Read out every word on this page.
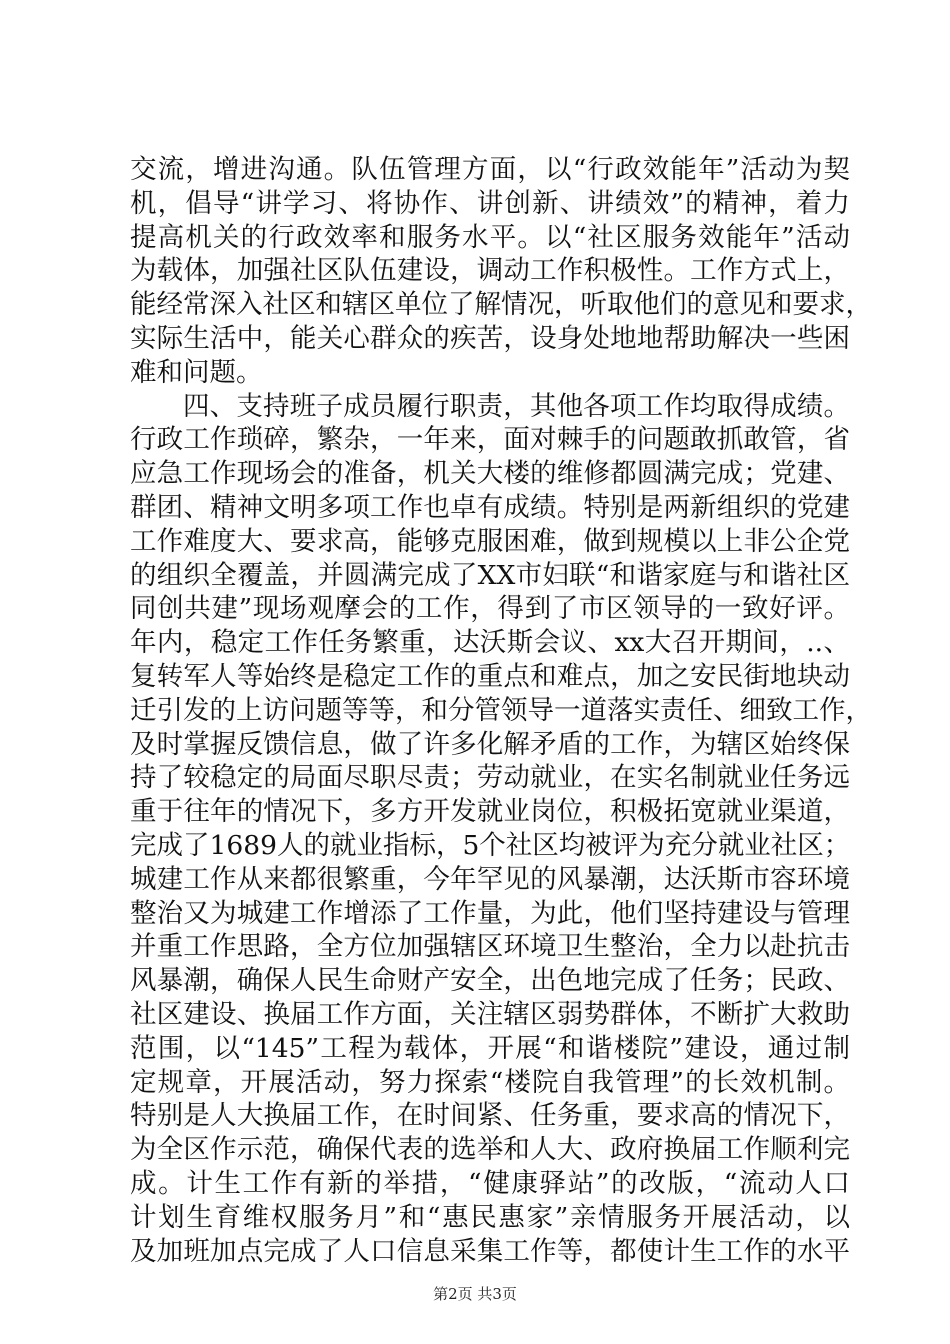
交流，增进沟通。队伍管理方面，以“行政效能年”活动为契
机，倡导“讲学习、将协作、讲创新、讲绩效”的精神，着力
提高机关的行政效率和服务水平。以“社区服务效能年”活动
为载体，加强社区队伍建设，调动工作积极性。工作方式上，
能经常深入社区和辖区单位了解情况，听取他们的意见和要求，
实际生活中，能关心群众的疾苦，设身处地地帮助解决一些困
难和问题。
四、支持班子成员履行职责，其他各项工作均取得成绩。
行政工作琐碎，繁杂，一年来，面对棘手的问题敢抓敢管，省
应急工作现场会的准备，机关大楼的维修都圆满完成；党建、
群团、精神文明多项工作也卓有成绩。特别是两新组织的党建
工作难度大、要求高，能够克服困难，做到规模以上非公企党
的组织全覆盖，并圆满完成了XX市妇联“和谐家庭与和谐社区
同创共建”现场观摩会的工作，得到了市区领导的一致好评。
年内，稳定工作任务繁重，达沃斯会议、xx大召开期间，..、
复转军人等始终是稳定工作的重点和难点，加之安民街地块动
迁引发的上访问题等等，和分管领导一道落实责任、细致工作，
及时掌握反馈信息，做了许多化解矛盾的工作，为辖区始终保
持了较稳定的局面尽职尽责；劳动就业，在实名制就业任务远
重于往年的情况下，多方开发就业岗位，积极拓宽就业渠道，
完成了1689人的就业指标，5个社区均被评为充分就业社区；
城建工作从来都很繁重，今年罕见的风暴潮，达沃斯市容环境
整治又为城建工作增添了工作量，为此，他们坚持建设与管理
并重工作思路，全方位加强辖区环境卫生整治，全力以赴抗击
风暴潮，确保人民生命财产安全，出色地完成了任务；民政、
社区建设、换届工作方面，关注辖区弱势群体，不断扩大救助
范围，以“145”工程为载体，开展“和谐楼院”建设，通过制
定规章，开展活动，努力探索“楼院自我管理”的长效机制。
特别是人大换届工作，在时间紧、任务重，要求高的情况下，
为全区作示范，确保代表的选举和人大、政府换届工作顺利完
成。计生工作有新的举措，“健康驿站”的改版，“流动人口
计划生育维权服务月”和“惠民惠家”亲情服务开展活动，以
及加班加点完成了人口信息采集工作等，都使计生工作的水平
第2页 共3页
